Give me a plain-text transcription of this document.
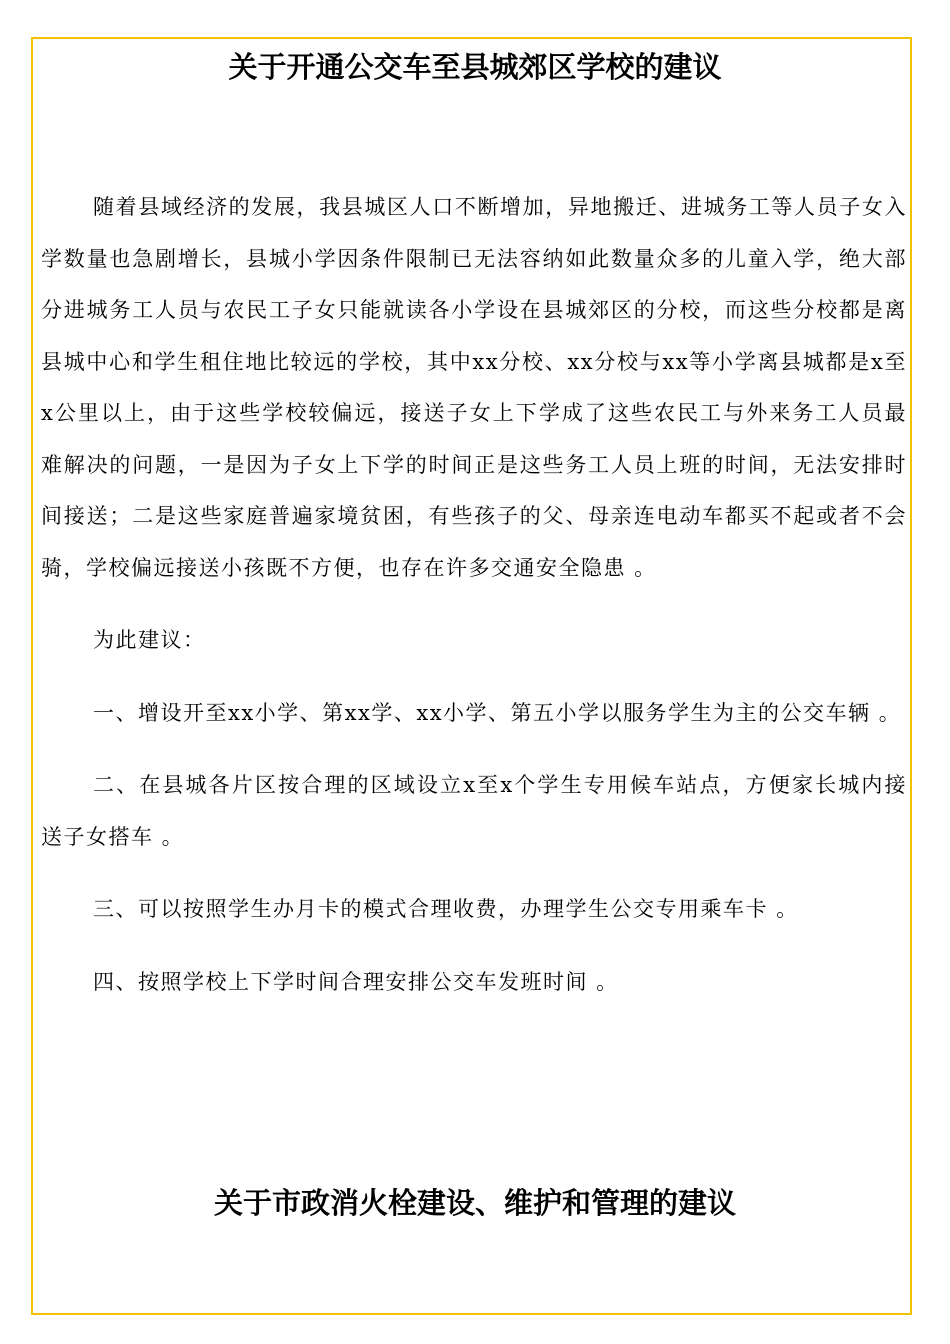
关于开通公交车至县城郊区学校的建议

随着县域经济的发展，我县城区人口不断增加，异地搬迁、进城务工等人员子女入学数量也急剧增长，县城小学因条件限制已无法容纳如此数量众多的儿童入学，绝大部分进城务工人员与农民工子女只能就读各小学设在县城郊区的分校，而这些分校都是离县城中心和学生租住地比较远的学校，其中xx分校、xx分校与xx等小学离县城都是x至x公里以上，由于这些学校较偏远，接送子女上下学成了这些农民工与外来务工人员最难解决的问题，一是因为子女上下学的时间正是这些务工人员上班的时间，无法安排时间接送；二是这些家庭普遍家境贫困，有些孩子的父、母亲连电动车都买不起或者不会骑，学校偏远接送小孩既不方便，也存在许多交通安全隐患 。

为此建议：

一、增设开至xx小学、第xx学、xx小学、第五小学以服务学生为主的公交车辆 。

二、在县城各片区按合理的区域设立x至x个学生专用候车站点，方便家长城内接送子女搭车 。

三、可以按照学生办月卡的模式合理收费，办理学生公交专用乘车卡 。

四、按照学校上下学时间合理安排公交车发班时间 。

关于市政消火栓建设、维护和管理的建议
